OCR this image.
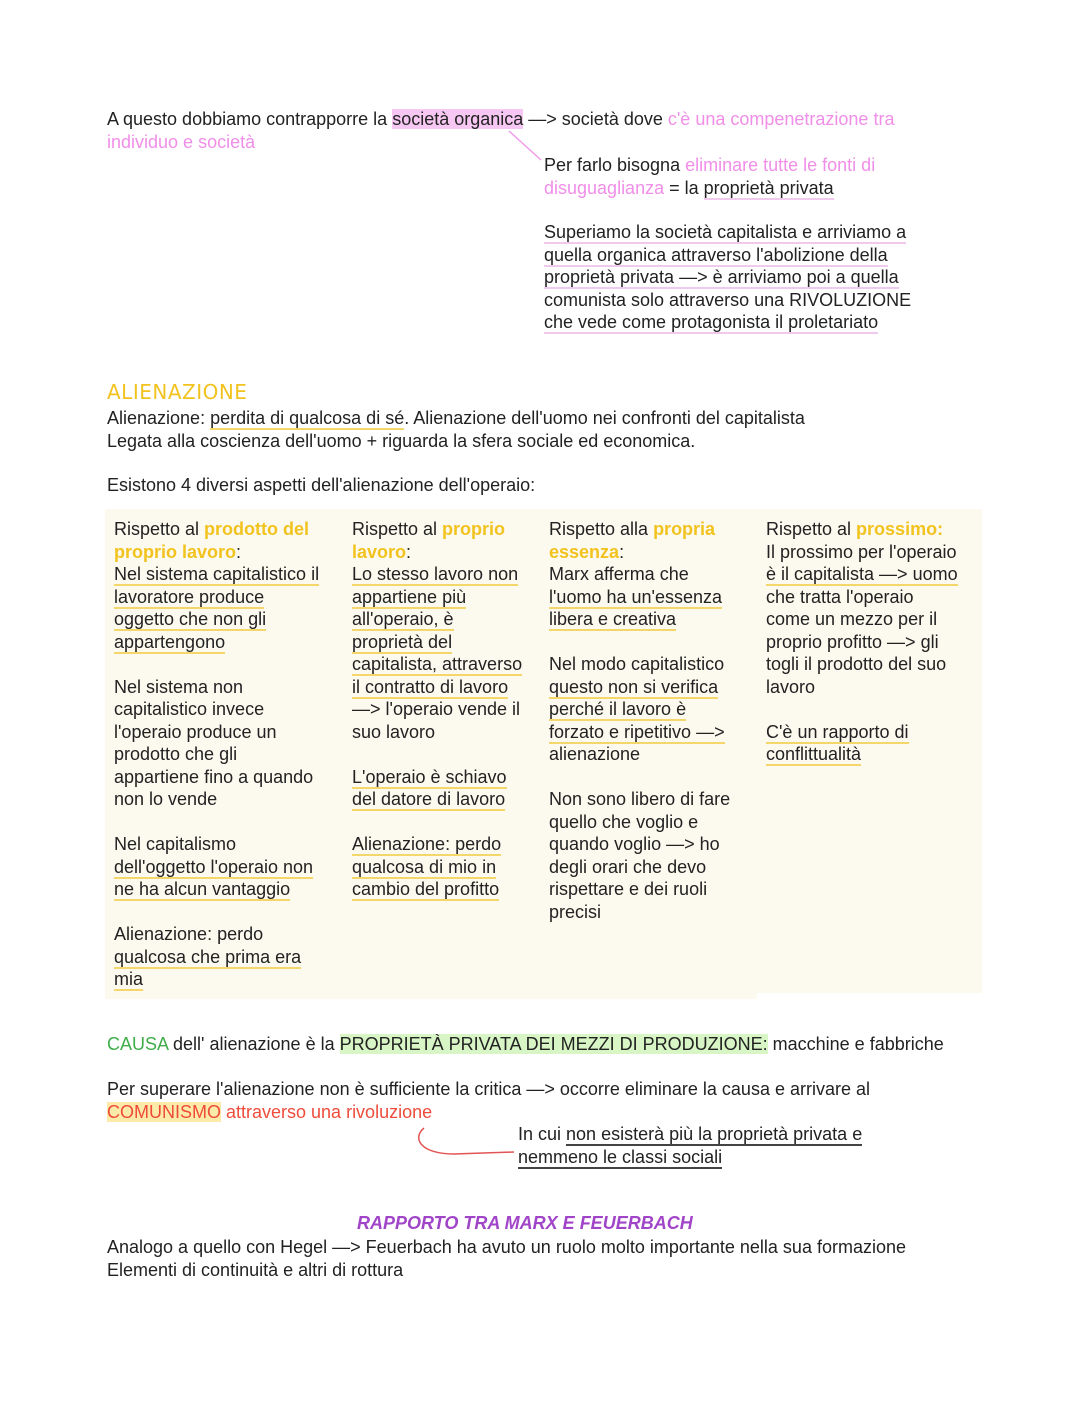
A questo dobbiamo contrapporre la società organica —> società dove c'è una compenetrazione tra
individuo e società
Per farlo bisogna eliminare tutte le fonti di
disuguaglianza = la proprietà privata
Superiamo la società capitalista e arriviamo a
quella organica attraverso l'abolizione della
proprietà privata —> è arriviamo poi a quella
comunista solo attraverso una RIVOLUZIONE
che vede come protagonista il proletariato
ALIENAZIONE
Alienazione: perdita di qualcosa di sé. Alienazione dell'uomo nei confronti del capitalista
Legata alla coscienza dell'uomo + riguarda la sfera sociale ed economica.
Esistono 4 diversi aspetti dell'alienazione dell'operaio:
Rispetto al prodotto del
proprio lavoro:
Nel sistema capitalistico il
lavoratore produce
oggetto che non gli
appartengono
Nel sistema non
capitalistico invece
l'operaio produce un
prodotto che gli
appartiene fino a quando
non lo vende
Nel capitalismo
dell'oggetto l'operaio non
ne ha alcun vantaggio
Alienazione: perdo
qualcosa che prima era
mia
Rispetto al proprio
lavoro:
Lo stesso lavoro non
appartiene più
all'operaio, è
proprietà del
capitalista, attraverso
il contratto di lavoro
—> l'operaio vende il
suo lavoro
L'operaio è schiavo
del datore di lavoro
Alienazione: perdo
qualcosa di mio in
cambio del profitto
Rispetto alla propria
essenza:
Marx afferma che
l'uomo ha un'essenza
libera e creativa
Nel modo capitalistico
questo non si verifica
perché il lavoro è
forzato e ripetitivo —>
alienazione
Non sono libero di fare
quello che voglio e
quando voglio —> ho
degli orari che devo
rispettare e dei ruoli
precisi
Rispetto al prossimo:
Il prossimo per l'operaio
è il capitalista —> uomo
che tratta l'operaio
come un mezzo per il
proprio profitto —> gli
togli il prodotto del suo
lavoro
C'è un rapporto di
conflittualità
CAUSA dell' alienazione è la PROPRIETÀ PRIVATA DEI MEZZI DI PRODUZIONE: macchine e fabbriche
Per superare l'alienazione non è sufficiente la critica —> occorre eliminare la causa e arrivare al
COMUNISMO attraverso una rivoluzione
In cui non esisterà più la proprietà privata e
nemmeno le classi sociali
RAPPORTO TRA MARX E FEUERBACH
Analogo a quello con Hegel —> Feuerbach ha avuto un ruolo molto importante nella sua formazione
Elementi di continuità e altri di rottura
